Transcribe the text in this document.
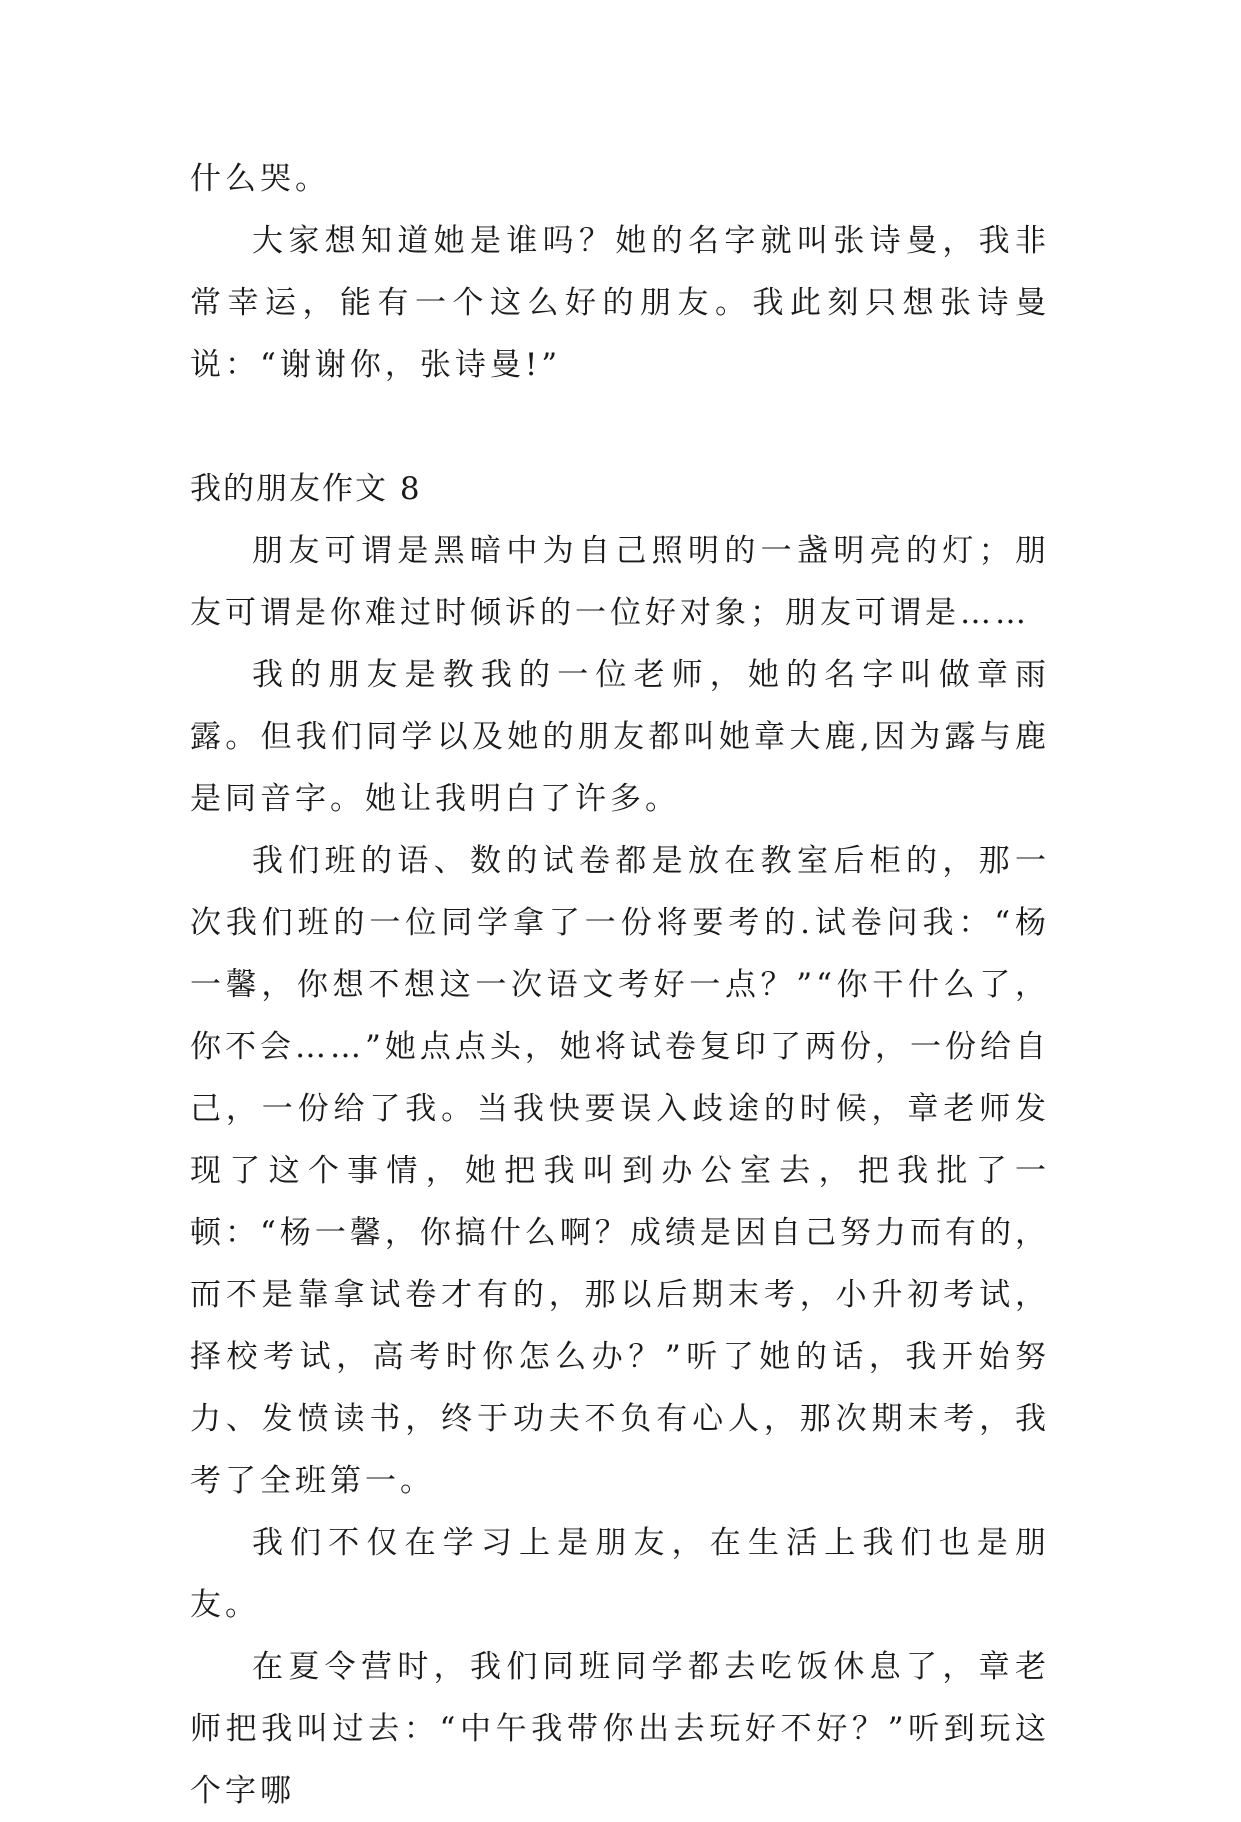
什么哭。

大家想知道她是谁吗？她的名字就叫张诗曼，我非常幸运，能有一个这么好的朋友。我此刻只想张诗曼说：“谢谢你，张诗曼!”

我的朋友作文 8

朋友可谓是黑暗中为自己照明的一盏明亮的灯；朋友可谓是你难过时倾诉的一位好对象；朋友可谓是……

我的朋友是教我的一位老师，她的名字叫做章雨露。但我们同学以及她的朋友都叫她章大鹿,因为露与鹿是同音字。她让我明白了许多。

我们班的语、数的试卷都是放在教室后柜的，那一次我们班的一位同学拿了一份将要考的.试卷问我：“杨一馨，你想不想这一次语文考好一点？”“你干什么了，你不会……”她点点头，她将试卷复印了两份，一份给自己，一份给了我。当我快要误入歧途的时候，章老师发现了这个事情，她把我叫到办公室去，把我批了一顿：“杨一馨，你搞什么啊？成绩是因自己努力而有的，而不是靠拿试卷才有的，那以后期末考，小升初考试，择校考试，高考时你怎么办？”听了她的话，我开始努力、发愤读书，终于功夫不负有心人，那次期末考，我考了全班第一。

我们不仅在学习上是朋友，在生活上我们也是朋友。

在夏令营时，我们同班同学都去吃饭休息了，章老师把我叫过去：“中午我带你出去玩好不好？”听到玩这个字哪
